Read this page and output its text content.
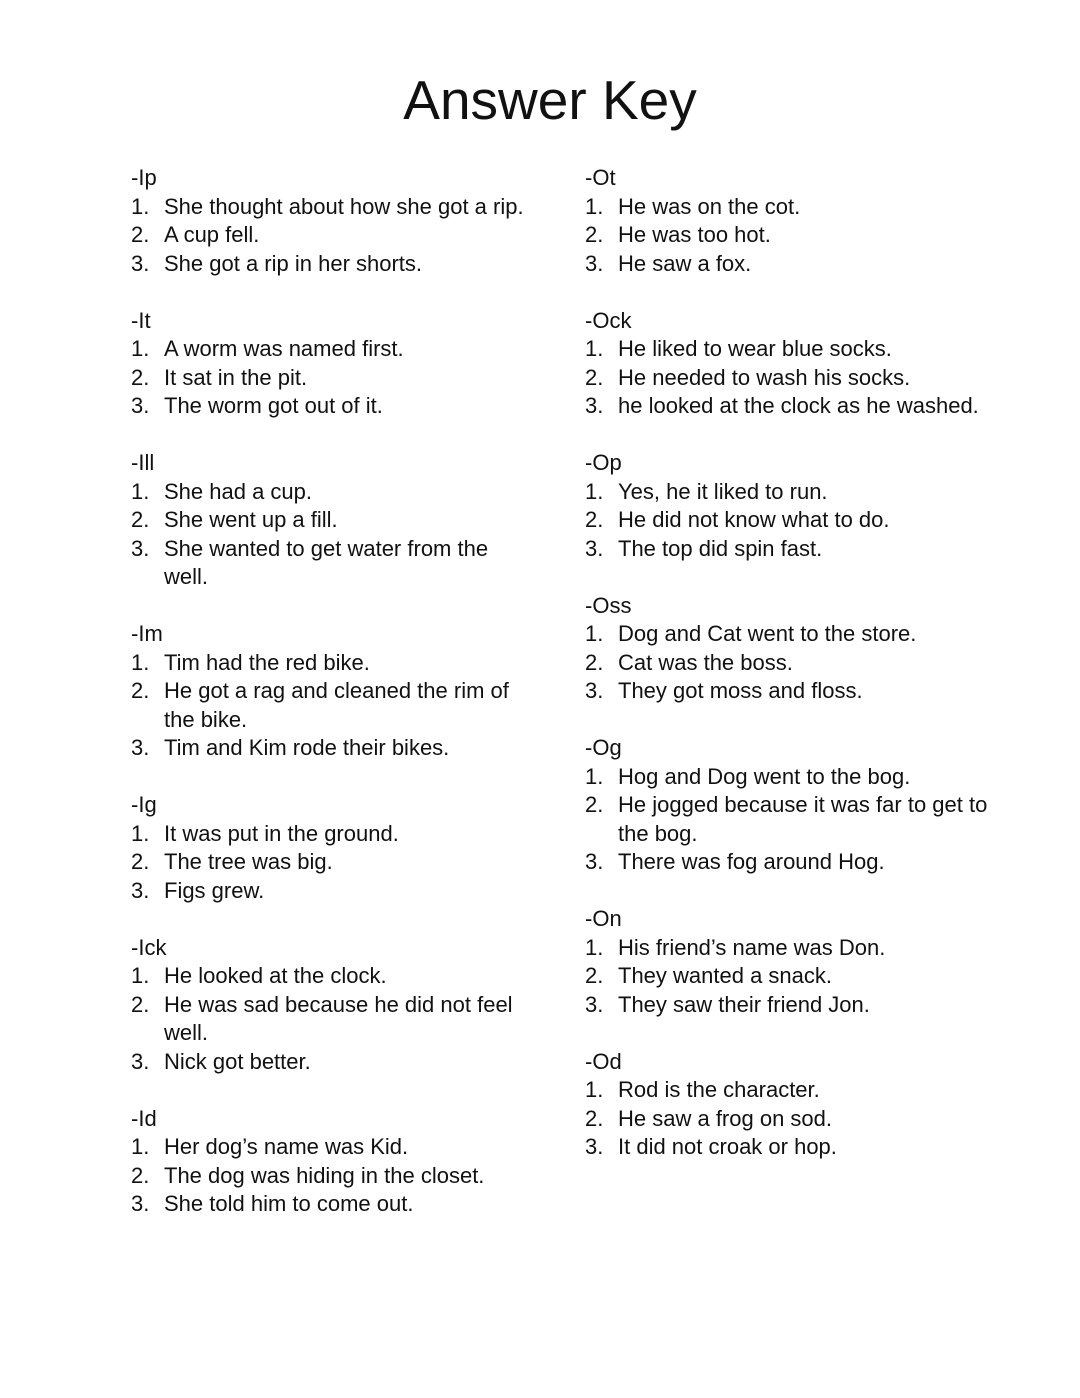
Answer Key
-Ip
1. She thought about how she got a rip.
2. A cup fell.
3. She got a rip in her shorts.
-It
1. A worm was named first.
2. It sat in the pit.
3. The worm got out of it.
-Ill
1. She had a cup.
2. She went up a fill.
3. She wanted to get water from the well.
-Im
1. Tim had the red bike.
2. He got a rag and cleaned the rim of the bike.
3. Tim and Kim rode their bikes.
-Ig
1. It was put in the ground.
2. The tree was big.
3. Figs grew.
-Ick
1. He looked at the clock.
2. He was sad because he did not feel well.
3. Nick got better.
-Id
1. Her dog’s name was Kid.
2. The dog was hiding in the closet.
3. She told him to come out.
-Ot
1. He was on the cot.
2. He was too hot.
3. He saw a fox.
-Ock
1. He liked to wear blue socks.
2. He needed to wash his socks.
3. he looked at the clock as he washed.
-Op
1. Yes, he it liked to run.
2. He did not know what to do.
3. The top did spin fast.
-Oss
1. Dog and Cat went to the store.
2. Cat was the boss.
3. They got moss and floss.
-Og
1. Hog and Dog went to the bog.
2. He jogged because it was far to get to the bog.
3. There was fog around Hog.
-On
1. His friend’s name was Don.
2. They wanted a snack.
3. They saw their friend Jon.
-Od
1. Rod is the character.
2. He saw a frog on sod.
3. It did not croak or hop.
